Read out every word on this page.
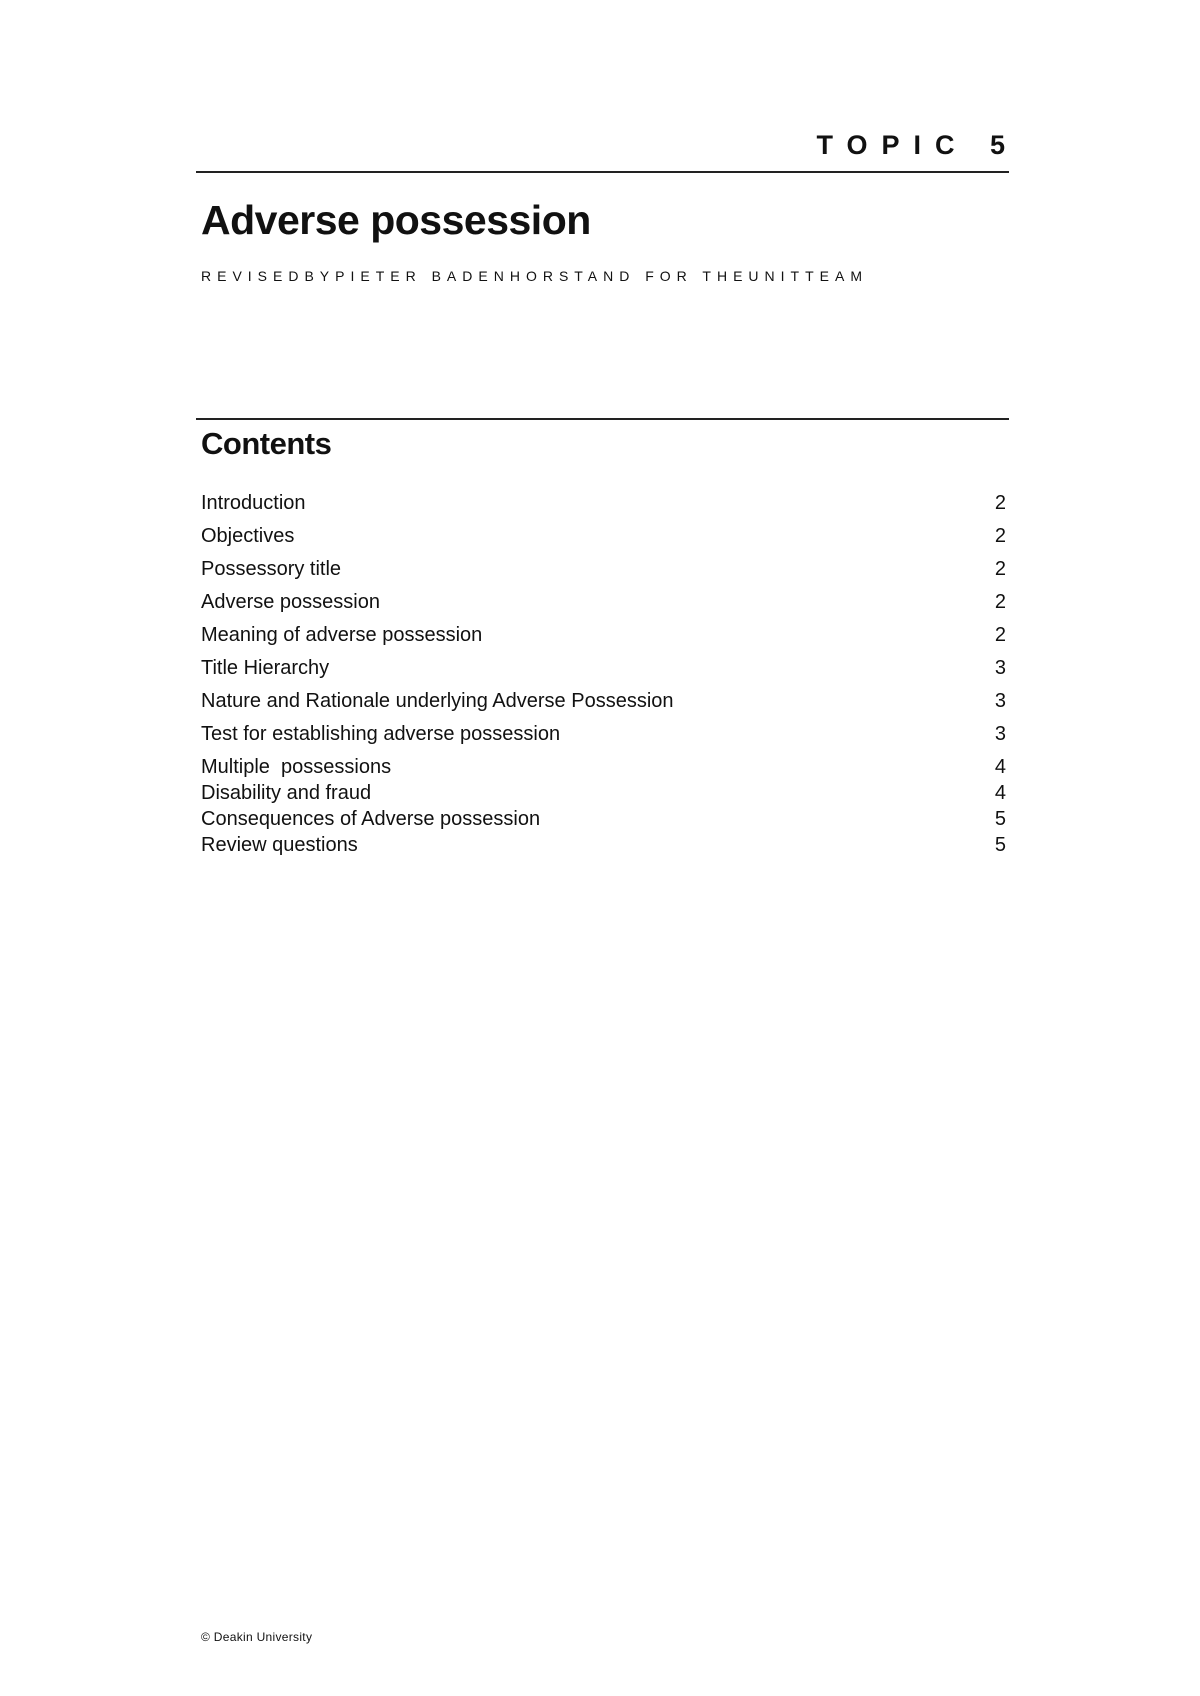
TOPIC 5
Adverse possession
REVISEDBYPIETER BADENHORSTAND FOR THEUNITTEAM
Contents
Introduction	2
Objectives	2
Possessory title	2
Adverse possession	2
Meaning of adverse possession	2
Title Hierarchy	3
Nature and Rationale underlying Adverse Possession	3
Test for establishing adverse possession	3
Multiple  possessions	4
Disability and fraud	4
Consequences of Adverse possession	5
Review questions	5
© Deakin University
